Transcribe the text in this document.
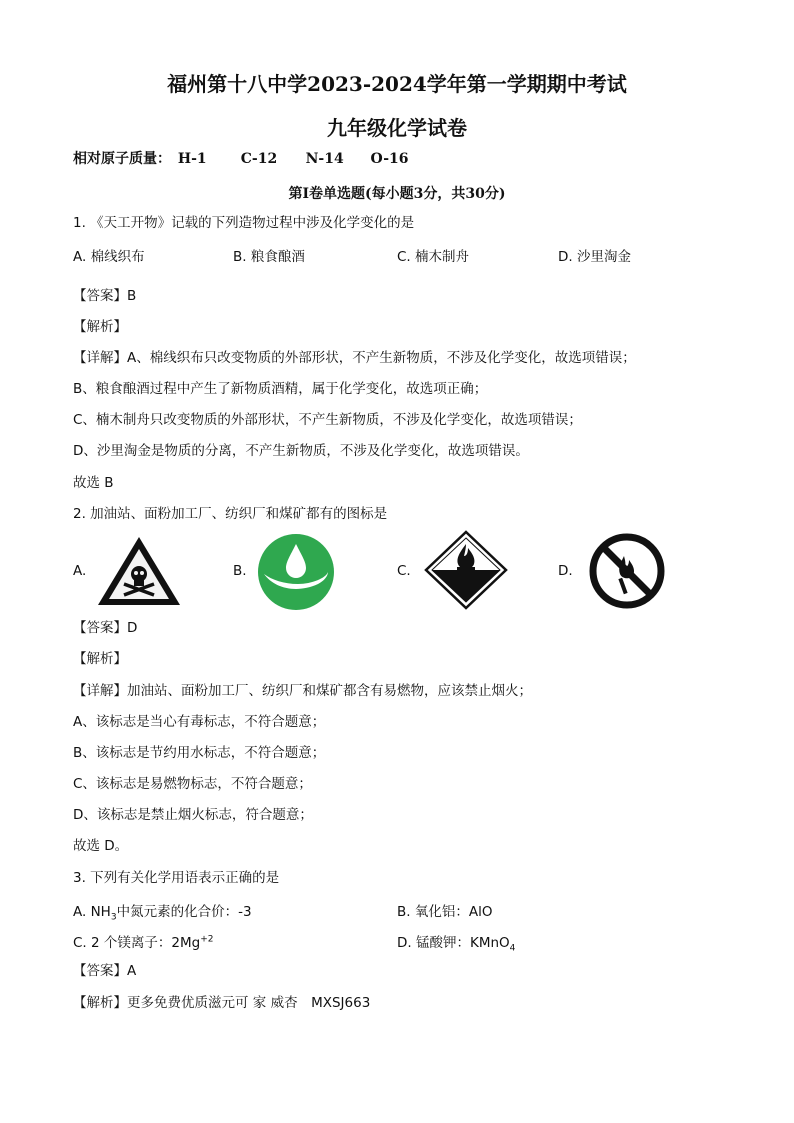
福州第十八中学2023-2024学年第一学期期中考试
九年级化学试卷
相对原子质量： H-1 C-12 N-14 O-16
第Ⅰ卷单选题(每小题3分，共30分)
1. 《天工开物》记载的下列造物过程中涉及化学变化的是
A. 棉线织布	B. 粮食酿酒	C. 楠木制舟	D. 沙里淘金
【答案】B
【解析】
【详解】A、棉线织布只改变物质的外部形状，不产生新物质，不涉及化学变化，故选项错误；
B、粮食酿酒过程中产生了新物质酒精，属于化学变化，故选项正确；
C、楠木制舟只改变物质的外部形状，不产生新物质，不涉及化学变化，故选项错误；
D、沙里淘金是物质的分离，不产生新物质，不涉及化学变化，故选项错误。
故选 B
2. 加油站、面粉加工厂、纺织厂和煤矿都有的图标是
A.	B.	C.	D.
【答案】D
【解析】
【详解】加油站、面粉加工厂、纺织厂和煤矿都含有易燃物，应该禁止烟火；
A、该标志是当心有毒标志，不符合题意；
B、该标志是节约用水标志，不符合题意；
C、该标志是易燃物标志，不符合题意；
D、该标志是禁止烟火标志，符合题意；
故选 D。
3. 下列有关化学用语表示正确的是
A. $NH_3$中氮元素的化合价：-3	B. 氧化铝：AlO
C. 2 个镁离子：$2Mg^{+2}$	D. 锰酸钾：KMnO$_4$
【答案】A
【解析】更多免费优质滋元可 家 威杏　MXSJ663
